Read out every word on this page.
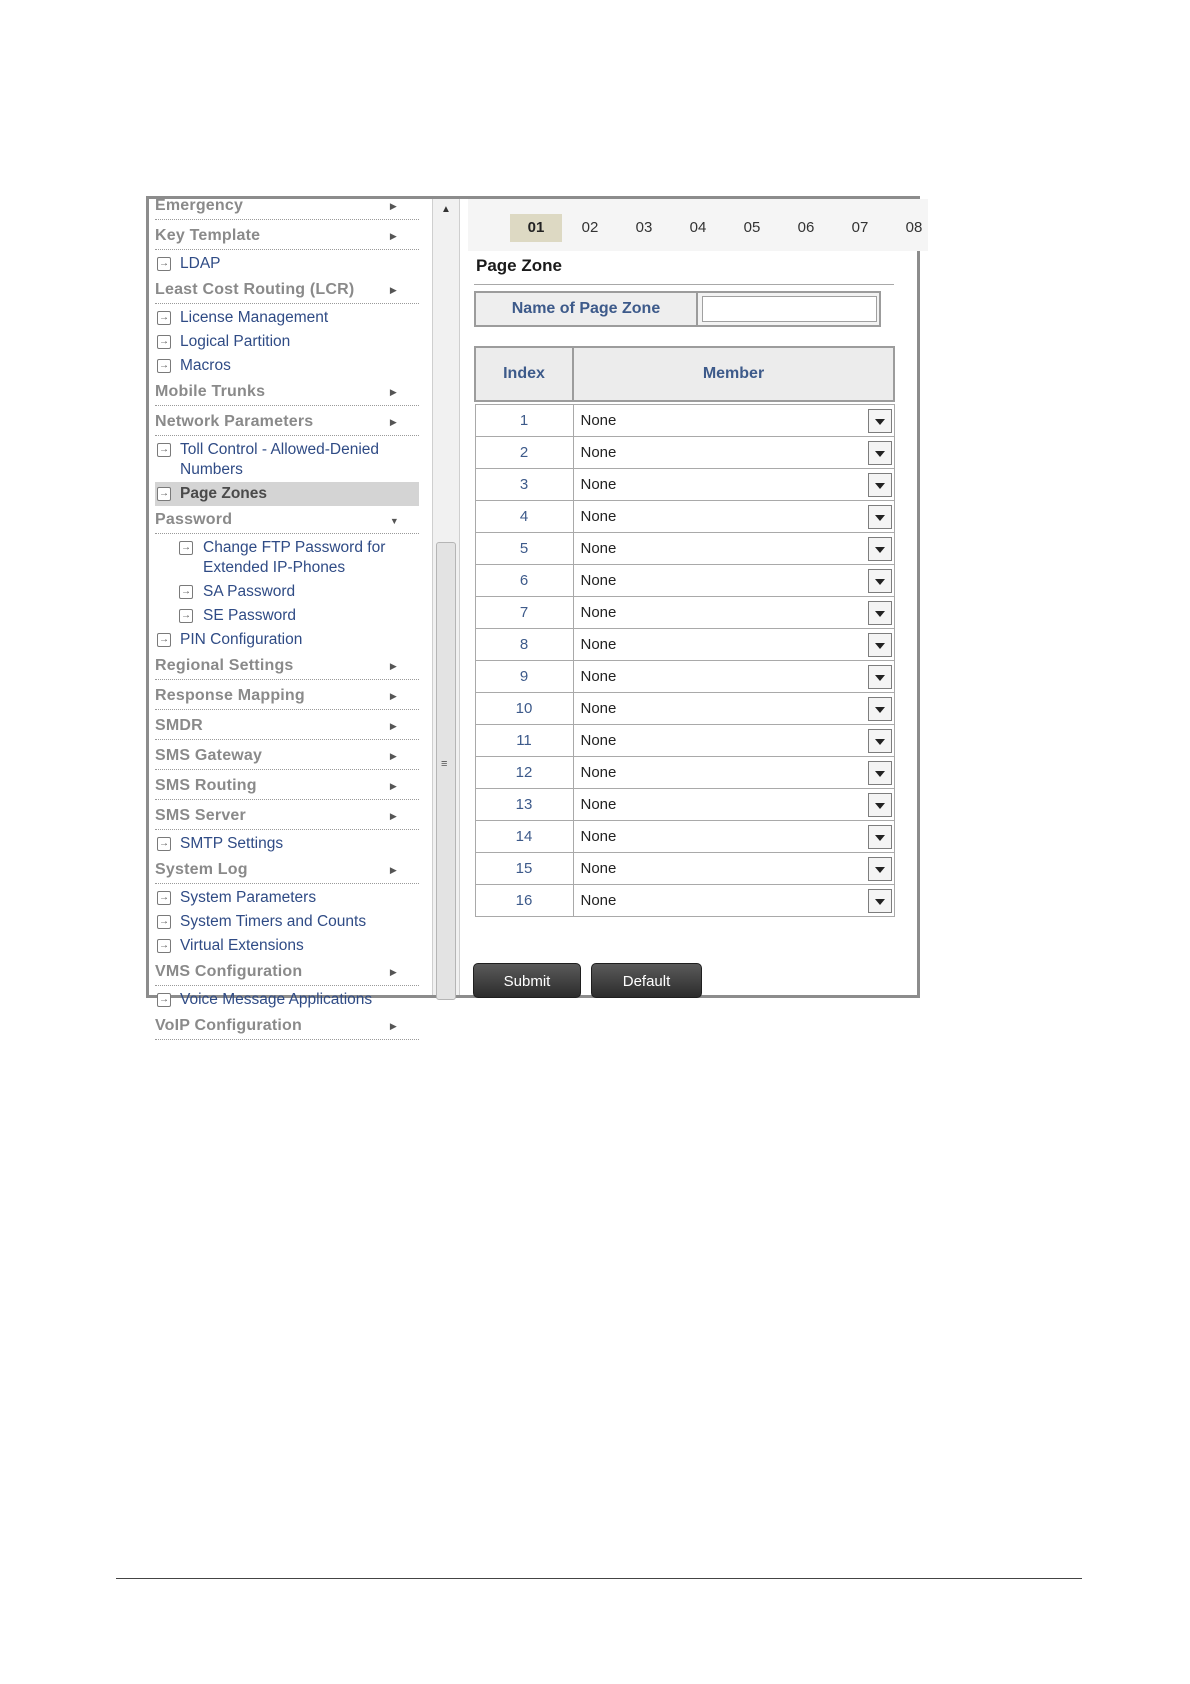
Emergency	▶
Key Template	▶
→ LDAP
Least Cost Routing (LCR)	▶
→ License Management
→ Logical Partition
→ Macros
Mobile Trunks	▶
Network Parameters	▶
→ Toll Control - Allowed-Denied Numbers
→ Page Zones
Password	▼
→ Change FTP Password for Extended IP-Phones
→ SA Password
→ SE Password
→ PIN Configuration
Regional Settings	▶
Response Mapping	▶
SMDR	▶
SMS Gateway	▶
SMS Routing	▶
SMS Server	▶
→ SMTP Settings
System Log	▶
→ System Parameters
→ System Timers and Counts
→ Virtual Extensions
VMS Configuration	▶
→ Voice Message Applications
VoIP Configuration	▶
▲
≡
01	02	03	04	05	06	07	08
Page Zone
Name of Page Zone
Index	Member

1	None

2	None

3	None

4	None

5	None

6	None

7	None

8	None

9	None

10	None

11	None

12	None

13	None

14	None

15	None

16	None
Submit	Default
